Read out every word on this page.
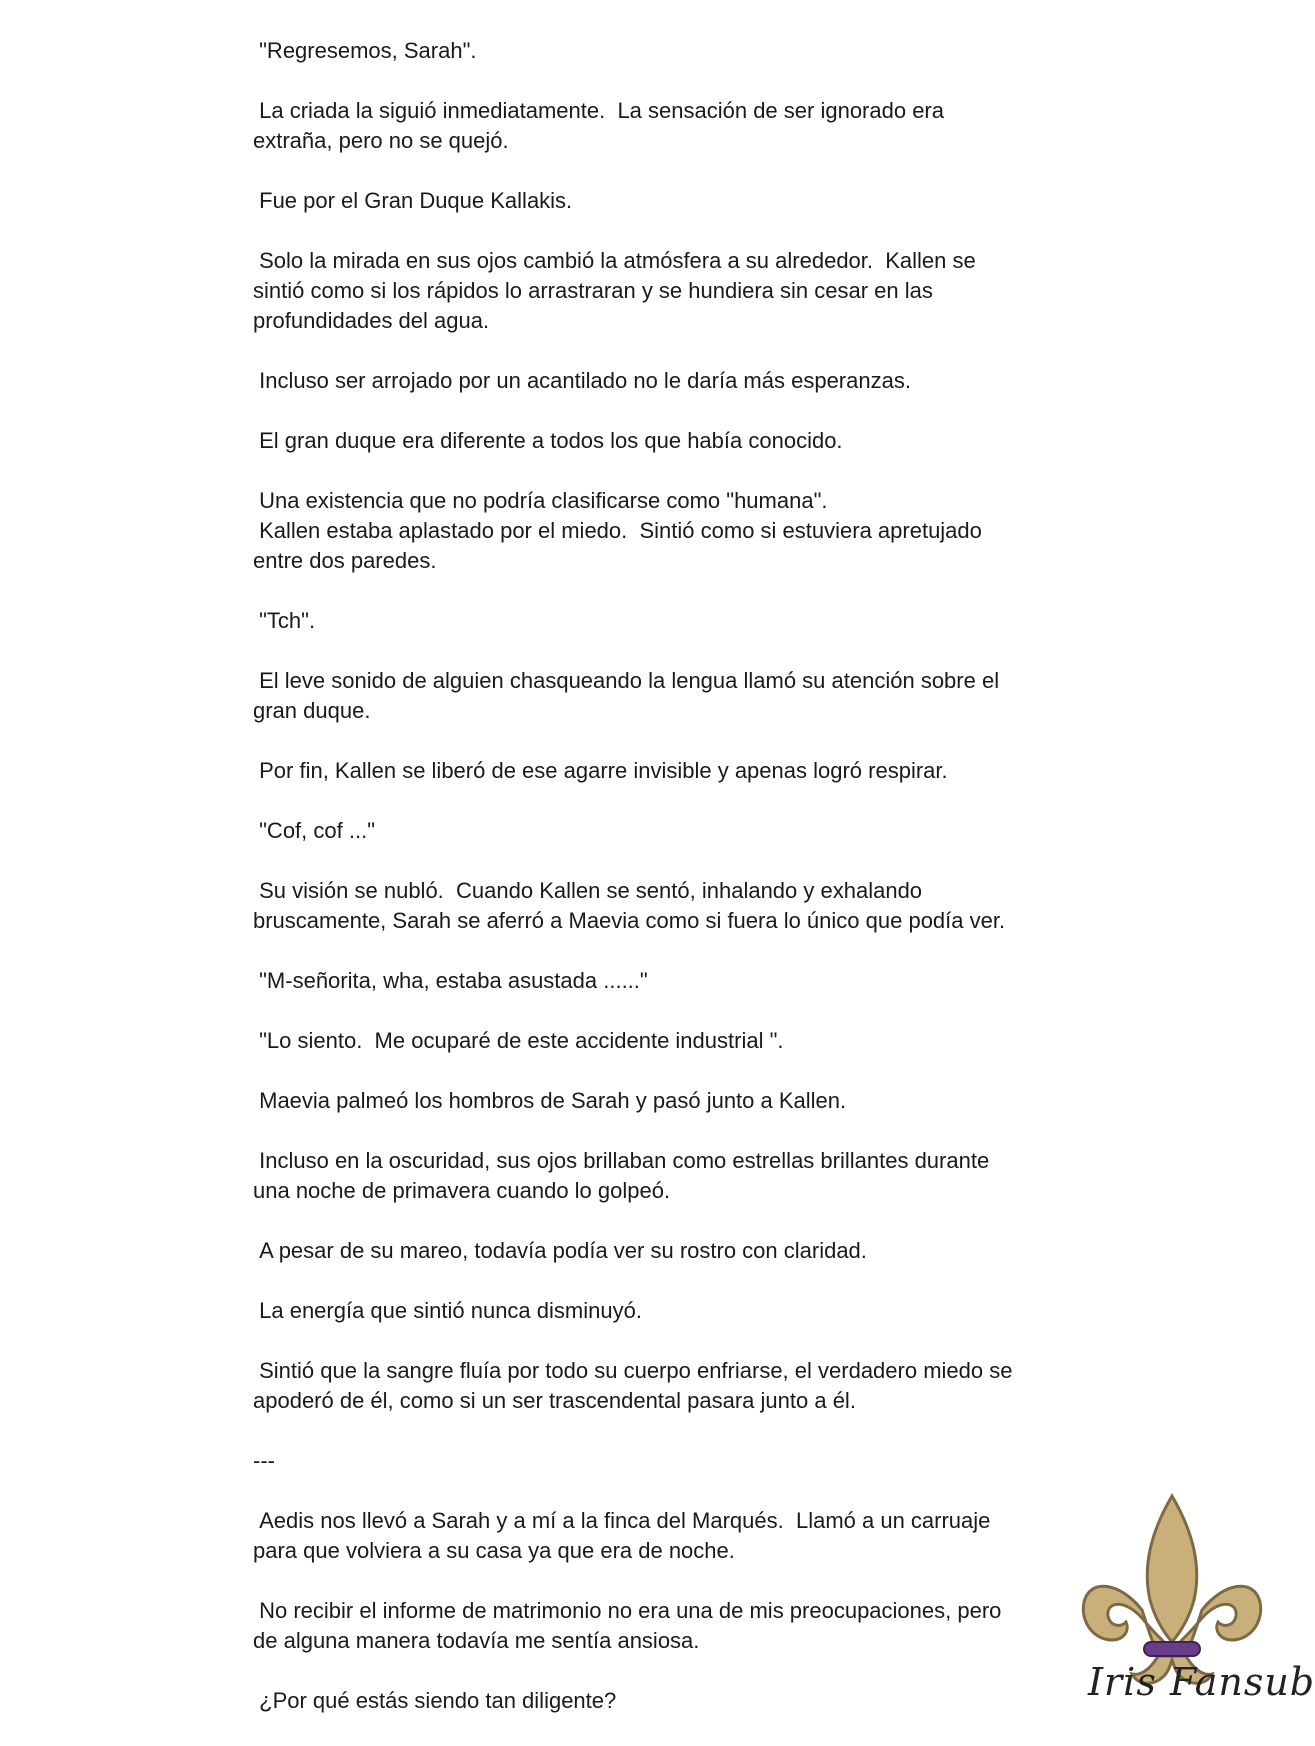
"Regresemos, Sarah".
La criada la siguió inmediatamente.  La sensación de ser ignorado era
extraña, pero no se quejó.
Fue por el Gran Duque Kallakis.
Solo la mirada en sus ojos cambió la atmósfera a su alrededor.  Kallen se
sintió como si los rápidos lo arrastraran y se hundiera sin cesar en las
profundidades del agua.
Incluso ser arrojado por un acantilado no le daría más esperanzas.
El gran duque era diferente a todos los que había conocido.
Una existencia que no podría clasificarse como "humana".
Kallen estaba aplastado por el miedo.  Sintió como si estuviera apretujado
entre dos paredes.
"Tch".
El leve sonido de alguien chasqueando la lengua llamó su atención sobre el
gran duque.
Por fin, Kallen se liberó de ese agarre invisible y apenas logró respirar.
"Cof, cof ..."
Su visión se nubló.  Cuando Kallen se sentó, inhalando y exhalando
bruscamente, Sarah se aferró a Maevia como si fuera lo único que podía ver.
"M-señorita, wha, estaba asustada ......"
"Lo siento.  Me ocuparé de este accidente industrial ".
Maevia palmeó los hombros de Sarah y pasó junto a Kallen.
Incluso en la oscuridad, sus ojos brillaban como estrellas brillantes durante
una noche de primavera cuando lo golpeó.
A pesar de su mareo, todavía podía ver su rostro con claridad.
La energía que sintió nunca disminuyó.
Sintió que la sangre fluía por todo su cuerpo enfriarse, el verdadero miedo se
apoderó de él, como si un ser trascendental pasara junto a él.
---
Aedis nos llevó a Sarah y a mí a la finca del Marqués.  Llamó a un carruaje
para que volviera a su casa ya que era de noche.
No recibir el informe de matrimonio no era una de mis preocupaciones, pero
de alguna manera todavía me sentía ansiosa.
¿Por qué estás siendo tan diligente?	Iris Fansub
